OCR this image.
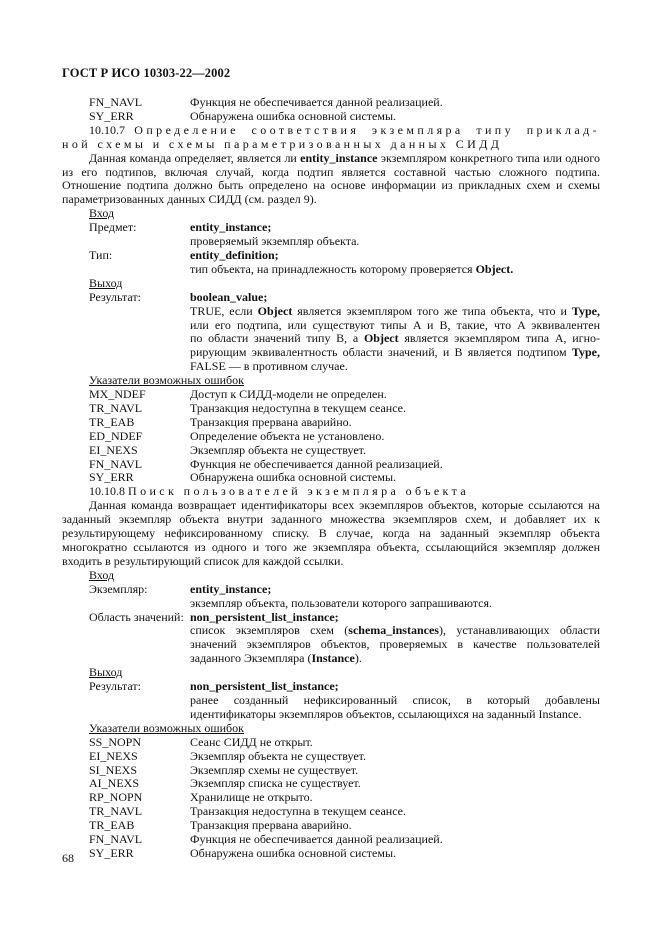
ГОСТ Р ИСО 10303-22—2002
FN_NAVL	Функция не обеспечивается данной реализацией.
SY_ERR	Обнаружена ошибка основной системы.
10.10.7 Определение соответствия экземпляра типу приклад-
ной схемы и схемы параметризованных данных СИДД
Данная команда определяет, является ли entity_instance экземпляром конкретного типа или одного из его подтипов, включая случай, когда подтип является составной частью сложного подтипа. Отношение подтипа должно быть определено на основе информации из прикладных схем и схемы параметризованных данных СИДД (см. раздел 9).
Вход
Предмет:	entity_instance;
проверяемый экземпляр объекта.
Тип:	entity_definition;
тип объекта, на принадлежность которому проверяется Object.
Выход
Результат:	boolean_value;

TRUE, если Object является экземпляром того же типа объекта, что и Type,

или его подтипа, или существуют типы A и B, такие, что A эквивалентен

по области значений типу B, а Object является экземпляром типа A, игно-

рирующим эквивалентность области значений, и B является подтипом Type,

FALSE — в противном случае.

Указатели возможных ошибок
MX_NDEF	Доступ к СИДД-модели не определен.
TR_NAVL	Транзакция недоступна в текущем сеансе.
TR_EAB	Транзакция прервана аварийно.
ED_NDEF	Определение объекта не установлено.
EI_NEXS	Экземпляр объекта не существует.
FN_NAVL	Функция не обеспечивается данной реализацией.
SY_ERR	Обнаружена ошибка основной системы.
10.10.8 Поиск пользователей экземпляра объекта
Данная команда возвращает идентификаторы всех экземпляров объектов, которые ссылаются на заданный экземпляр объекта внутри заданного множества экземпляров схем, и добавляет их к результирующему нефиксированному списку. В случае, когда на заданный экземпляр объекта многократно ссылаются из одного и того же экземпляра объекта, ссылающийся экземпляр должен входить в результирующий список для каждой ссылки.
Вход
Экземпляр:	entity_instance;
экземпляр объекта, пользователи которого запрашиваются.
Область значений: non_persistent_list_instance;
список экземпляров схем (schema_instances), устанавливающих области значений экземпляров объектов, проверяемых в качестве пользователей заданного Экземпляра (Instance).
Выход
Результат:	non_persistent_list_instance;
ранее созданный нефиксированный список, в который добавлены идентификаторы экземпляров объектов, ссылающихся на заданный Instance.
Указатели возможных ошибок
SS_NOPN	Сеанс СИДД не открыт.
EI_NEXS	Экземпляр объекта не существует.
SI_NEXS	Экземпляр схемы не существует.
AI_NEXS	Экземпляр списка не существует.
RP_NOPN	Хранилище не открыто.
TR_NAVL	Транзакция недоступна в текущем сеансе.
TR_EAB	Транзакция прервана аварийно.
FN_NAVL	Функция не обеспечивается данной реализацией.
SY_ERR	Обнаружена ошибка основной системы.
68
